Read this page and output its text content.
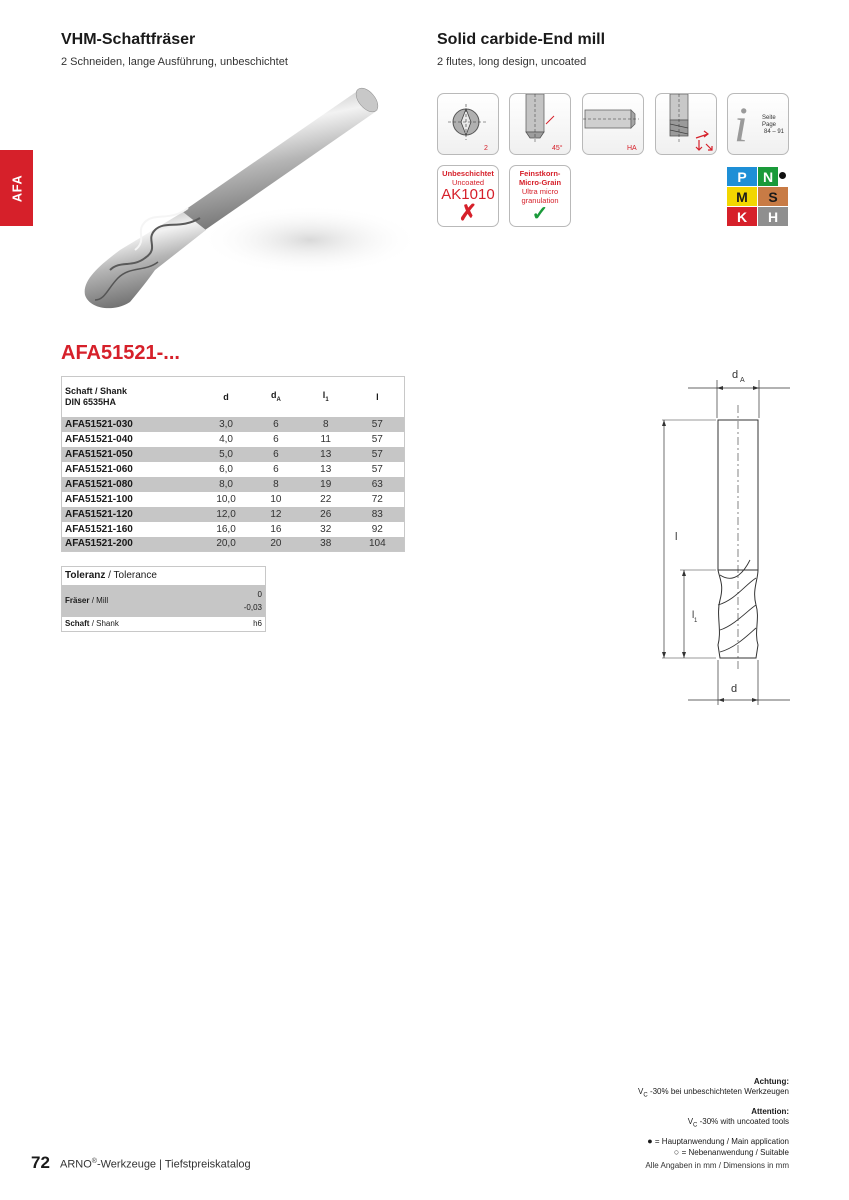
AFA
VHM-Schaftfräser
2 Schneiden, lange Ausführung, unbeschichtet
Solid carbide-End mill
2 flutes, long design, uncoated
2	45°	HA i Seite Page
84 – 91
Unbeschichtet
Uncoated
AK1010
✗
Feinstkorn-
Micro-Grain
Ultra micro
granulation
✓
P	N
M	S
K	H
AFA51521-...
Schaft / Shank
DIN 6535HA	d	$d_A$	$l_1$	l
AFA51521-030	3,0	6	8	57
AFA51521-040	4,0	6	11	57
AFA51521-050	5,0	6	13	57
AFA51521-060	6,0	6	13	57
AFA51521-080	8,0	8	19	63
AFA51521-100	10,0	10	22	72
AFA51521-120	12,0	12	26	83
AFA51521-160	16,0	16	32	92
AFA51521-200	20,0	20	38	104
Toleranz / Tolerance	
Fräser / Mill	0
-0,03

Schaft / Shank	h6
d A
l
l 1
d
Achtung:
$V_C$ -30% bei unbeschichteten Werkzeugen
Attention:
$V_C$ -30% with uncoated tools
● = Hauptanwendung / Main application
○ = Nebenanwendung / Suitable
72 ARNO®-Werkzeuge | Tiefstpreiskatalog	Alle Angaben in mm / Dimensions in mm
